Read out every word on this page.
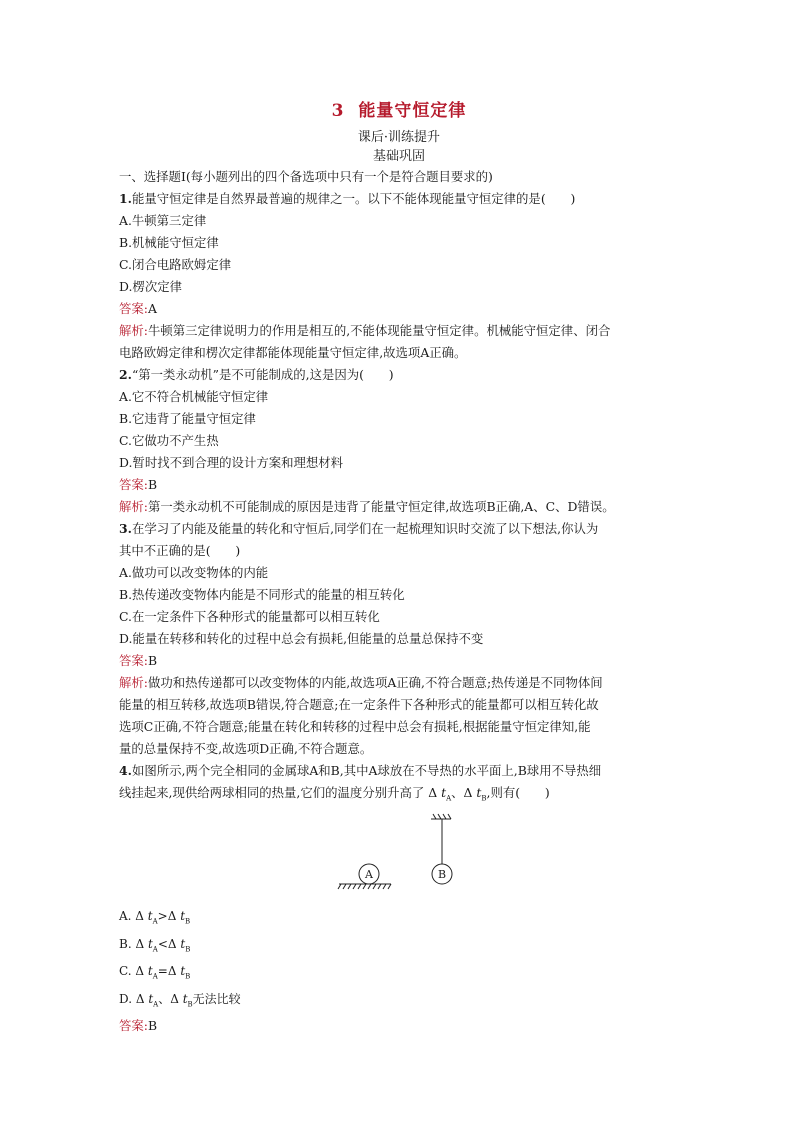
3 能量守恒定律
课后·训练提升
基础巩固
一、选择题Ⅰ(每小题列出的四个备选项中只有一个是符合题目要求的)
1.能量守恒定律是自然界最普遍的规律之一。以下不能体现能量守恒定律的是(　　)
A.牛顿第三定律
B.机械能守恒定律
C.闭合电路欧姆定律
D.楞次定律
答案:A
解析:牛顿第三定律说明力的作用是相互的,不能体现能量守恒定律。机械能守恒定律、闭合
电路欧姆定律和楞次定律都能体现能量守恒定律,故选项A正确。
2.“第一类永动机”是不可能制成的,这是因为(　　)
A.它不符合机械能守恒定律
B.它违背了能量守恒定律
C.它做功不产生热
D.暂时找不到合理的设计方案和理想材料
答案:B
解析:第一类永动机不可能制成的原因是违背了能量守恒定律,故选项B正确,A、C、D错误。
3.在学习了内能及能量的转化和守恒后,同学们在一起梳理知识时交流了以下想法,你认为
其中不正确的是(　　)
A.做功可以改变物体的内能
B.热传递改变物体内能是不同形式的能量的相互转化
C.在一定条件下各种形式的能量都可以相互转化
D.能量在转移和转化的过程中总会有损耗,但能量的总量总保持不变
答案:B
解析:做功和热传递都可以改变物体的内能,故选项A正确,不符合题意;热传递是不同物体间
能量的相互转移,故选项B错误,符合题意;在一定条件下各种形式的能量都可以相互转化故
选项C正确,不符合题意;能量在转化和转移的过程中总会有损耗,根据能量守恒定律知,能
量的总量保持不变,故选项D正确,不符合题意。
4.如图所示,两个完全相同的金属球A和B,其中A球放在不导热的水平面上,B球用不导热细
线挂起来,现供给两球相同的热量,它们的温度分别升高了 Δ $t_A$、Δ $t_B$,则有(　　)
B
A
A. Δ $t_A>\Delta$ $t_B$
B. Δ $t_A<\Delta$ $t_B$
C. Δ $t_A=\Delta$ $t_B$
D. Δ $t_A$、Δ $t_B$无法比较
答案:B
